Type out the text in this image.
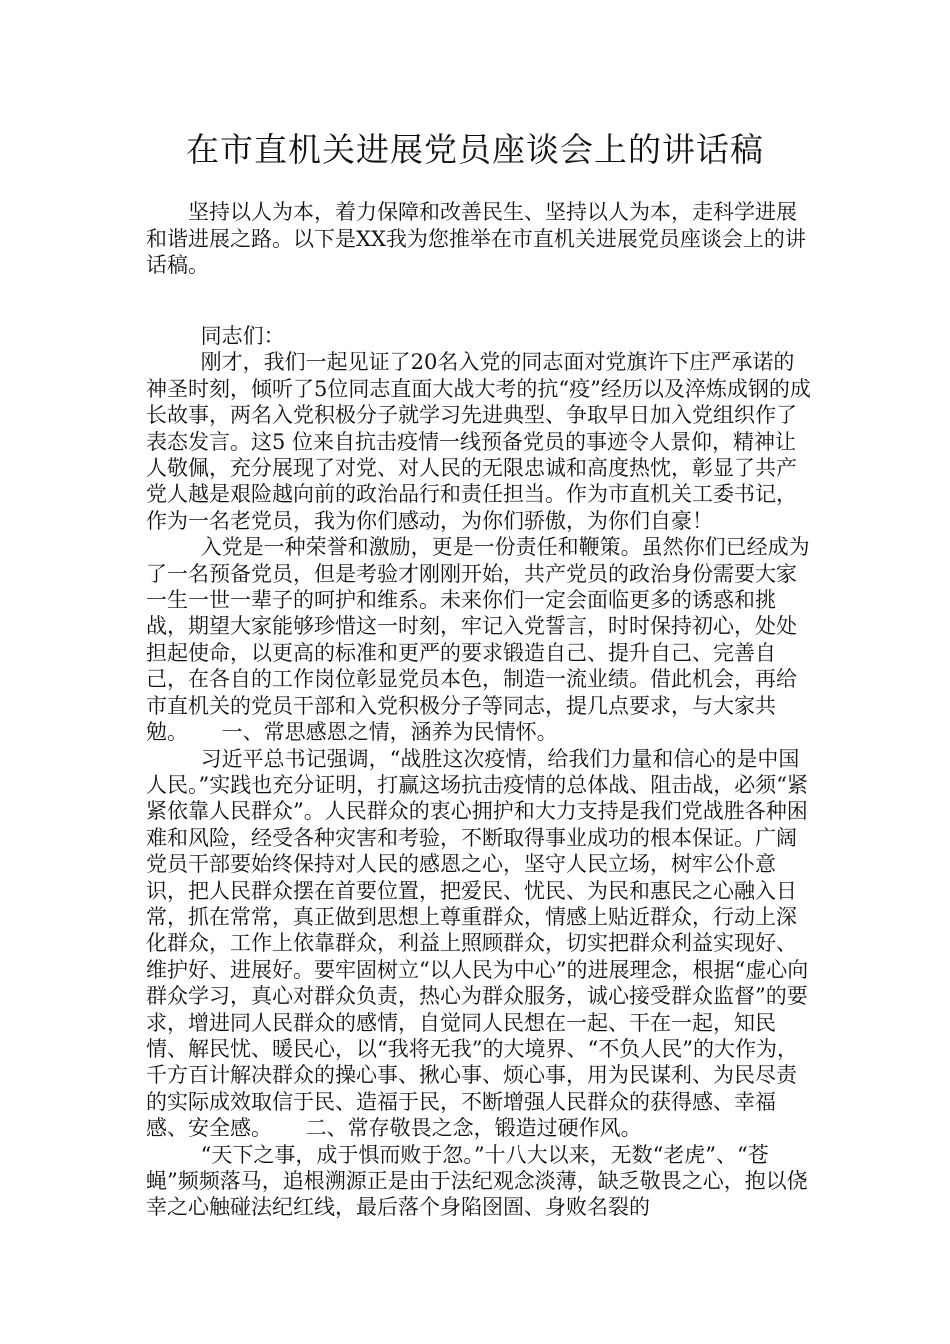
在市直机关进展党员座谈会上的讲话稿

坚持以人为本，着力保障和改善民生、坚持以人为本，走科学进展和谐进展之路。以下是XX我为您推举在市直机关进展党员座谈会上的讲话稿。

同志们：

刚才，我们一起见证了20名入党的同志面对党旗许下庄严承诺的神圣时刻，倾听了5位同志直面大战大考的抗“疫”经历以及淬炼成钢的成长故事，两名入党积极分子就学习先进典型、争取早日加入党组织作了表态发言。这5 位来自抗击疫情一线预备党员的事迹令人景仰，精神让人敬佩，充分展现了对党、对人民的无限忠诚和高度热忱，彰显了共产党人越是艰险越向前的政治品行和责任担当。作为市直机关工委书记，作为一名老党员，我为你们感动，为你们骄傲，为你们自豪！

入党是一种荣誉和激励，更是一份责任和鞭策。虽然你们已经成为了一名预备党员，但是考验才刚刚开始，共产党员的政治身份需要大家一生一世一辈子的呵护和维系。未来你们一定会面临更多的诱惑和挑战，期望大家能够珍惜这一时刻，牢记入党誓言，时时保持初心，处处担起使命，以更高的标准和更严的要求锻造自己、提升自己、完善自己，在各自的工作岗位彰显党员本色，制造一流业绩。借此机会，再给市直机关的党员干部和入党积极分子等同志，提几点要求，与大家共勉。 一、常思感恩之情，涵养为民情怀。

习近平总书记强调，“战胜这次疫情，给我们力量和信心的是中国人民。”实践也充分证明，打赢这场抗击疫情的总体战、阻击战，必须“紧紧依靠人民群众”。人民群众的衷心拥护和大力支持是我们党战胜各种困难和风险，经受各种灾害和考验，不断取得事业成功的根本保证。广阔党员干部要始终保持对人民的感恩之心，坚守人民立场，树牢公仆意识，把人民群众摆在首要位置，把爱民、忧民、为民和惠民之心融入日常，抓在常常，真正做到思想上尊重群众，情感上贴近群众，行动上深化群众，工作上依靠群众，利益上照顾群众，切实把群众利益实现好、维护好、进展好。要牢固树立“以人民为中心”的进展理念，根据“虚心向群众学习，真心对群众负责，热心为群众服务，诚心接受群众监督”的要求，增进同人民群众的感情，自觉同人民想在一起、干在一起，知民情、解民忧、暖民心，以“我将无我”的大境界、“不负人民”的大作为，千方百计解决群众的操心事、揪心事、烦心事，用为民谋利、为民尽责的实际成效取信于民、造福于民，不断增强人民群众的获得感、幸福感、安全感。 二、常存敬畏之念，锻造过硬作风。

“天下之事，成于惧而败于忽。”十八大以来，无数“老虎”、“苍蝇”频频落马，追根溯源正是由于法纪观念淡薄，缺乏敬畏之心，抱以侥幸之心触碰法纪红线，最后落个身陷囹圄、身败名裂的
